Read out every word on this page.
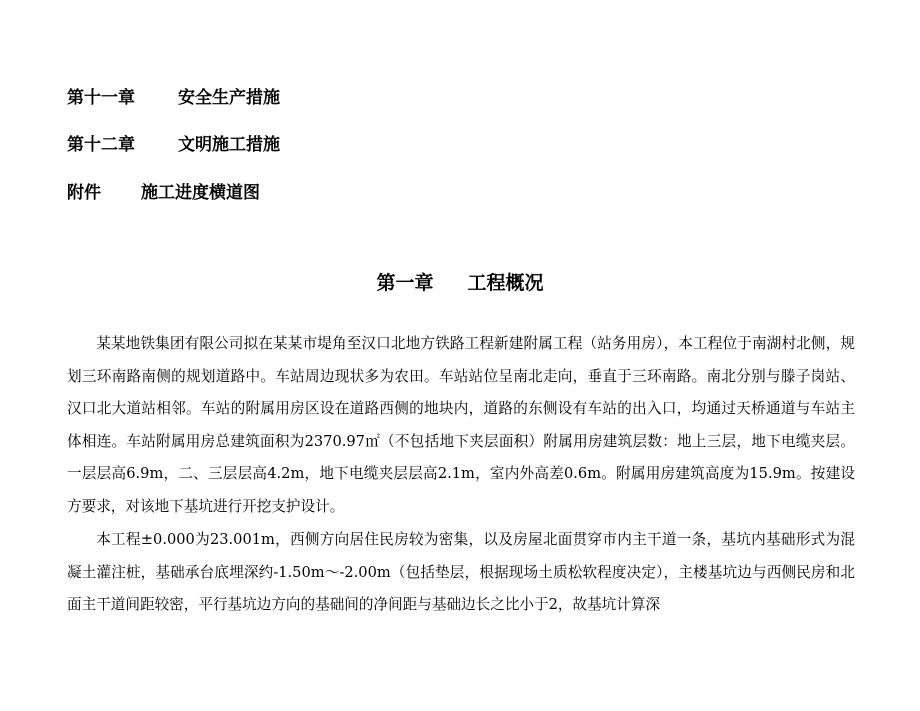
第十一章	安全生产措施
第十二章	文明施工措施
附件 施工进度横道图
第一章 工程概况

某某地铁集团有限公司拟在某某市堤角至汉口北地方铁路工程新建附属工程（站务用房），本工程位于南湖村北侧，规划三环南路南侧的规划道路中。车站周边现状多为农田。车站站位呈南北走向，垂直于三环南路。南北分别与滕子岗站、汉口北大道站相邻。车站的附属用房区设在道路西侧的地块内，道路的东侧设有车站的出入口，均通过天桥通道与车站主体相连。车站附属用房总建筑面积为2370.97㎡（不包括地下夹层面积）附属用房建筑层数：地上三层，地下电缆夹层。一层层高6.9m，二、三层层高4.2m，地下电缆夹层层高2.1m，室内外高差0.6m。附属用房建筑高度为15.9m。按建设方要求，对该地下基坑进行开挖支护设计。

本工程±0.000为23.001m，西侧方向居住民房较为密集，以及房屋北面贯穿市内主干道一条，基坑内基础形式为混凝土灌注桩，基础承台底埋深约-1.50m～-2.00m（包括垫层，根据现场土质松软程度决定），主楼基坑边与西侧民房和北面主干道间距较密，平行基坑边方向的基础间的净间距与基础边长之比小于2，故基坑计算深
